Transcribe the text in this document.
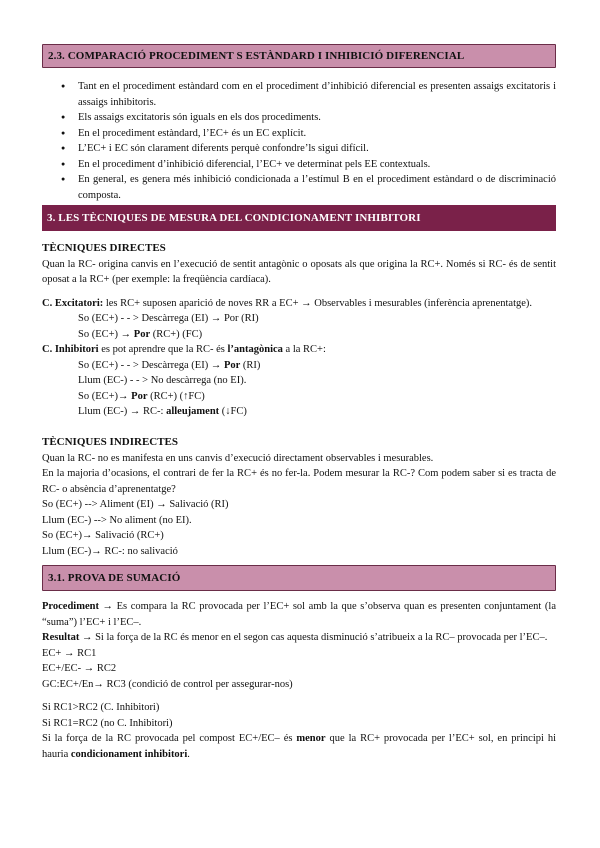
2.3. COMPARACIÓ PROCEDIMENT S ESTÀNDARD I INHIBICIÓ DIFERENCIAL
● Tant en el procediment estàndard com en el procediment d’inhibició diferencial es presenten assaigs excitatoris i assaigs inhibitoris.
● Els assaigs excitatoris són iguals en els dos procediments.
● En el procediment estàndard, l’EC+ és un EC explícit.
● L’EC+ i EC són clarament diferents perquè confondre’ls sigui difícil.
● En el procediment d’inhibició diferencial, l’EC+ ve determinat pels EE contextuals.
● En general, es genera més inhibició condicionada a l’estímul B en el procediment estàndard o de discriminació composta.
3. LES TÈCNIQUES DE MESURA DEL CONDICIONAMENT INHIBITORI

TÈCNIQUES DIRECTES

Quan la RC- origina canvis en l’execució de sentit antagònic o oposats als que origina la RC+. Només si RC- és de sentit oposat a la RC+ (per exemple: la freqüència cardíaca).

C. Excitatori: les RC+ suposen aparició de noves RR a EC+ → Observables i mesurables (inferència aprenentatge).

So (EC+) - - > Descàrrega (EI) → Por (RI)

So (EC+) → Por (RC+) (FC)

C. Inhibitori es pot aprendre que la RC- és l’antagònica a la RC+:

So (EC+) - - > Descàrrega (EI) → Por (RI)

Llum (EC-) - - > No descàrrega (no EI).

So (EC+)→ Por (RC+) (↑FC)

Llum (EC-) → RC-: alleujament (↓FC)

TÈCNIQUES INDIRECTES

Quan la RC- no es manifesta en uns canvis d’execució directament observables i mesurables.

En la majoria d’ocasions, el contrari de fer la RC+ és no fer-la. Podem mesurar la RC-? Com podem saber si es tracta de RC- o absència d’aprenentatge?

So (EC+) --> Aliment (EI) → Salivació (RI)

Llum (EC-) --> No aliment (no EI).

So (EC+)→ Salivació (RC+)

Llum (EC-)→ RC-: no salivació

3.1. PROVA DE SUMACIÓ

Procediment → Es compara la RC provocada per l’EC+ sol amb la que s’observa quan es presenten conjuntament (la “suma”) l’EC+ i l’EC–.

Resultat → Si la força de la RC és menor en el segon cas aquesta disminució s’atribueix a la RC– provocada per l’EC–.

EC+ → RC1

EC+/EC- → RC2

GC:EC+/En→ RC3 (condició de control per assegurar-nos)

Si RC1>RC2 (C. Inhibitori)

Si RC1=RC2 (no C. Inhibitori)

Si la força de la RC provocada pel compost EC+/EC– és menor que la RC+ provocada per l’EC+ sol, en principi hi hauria condicionament inhibitori.
